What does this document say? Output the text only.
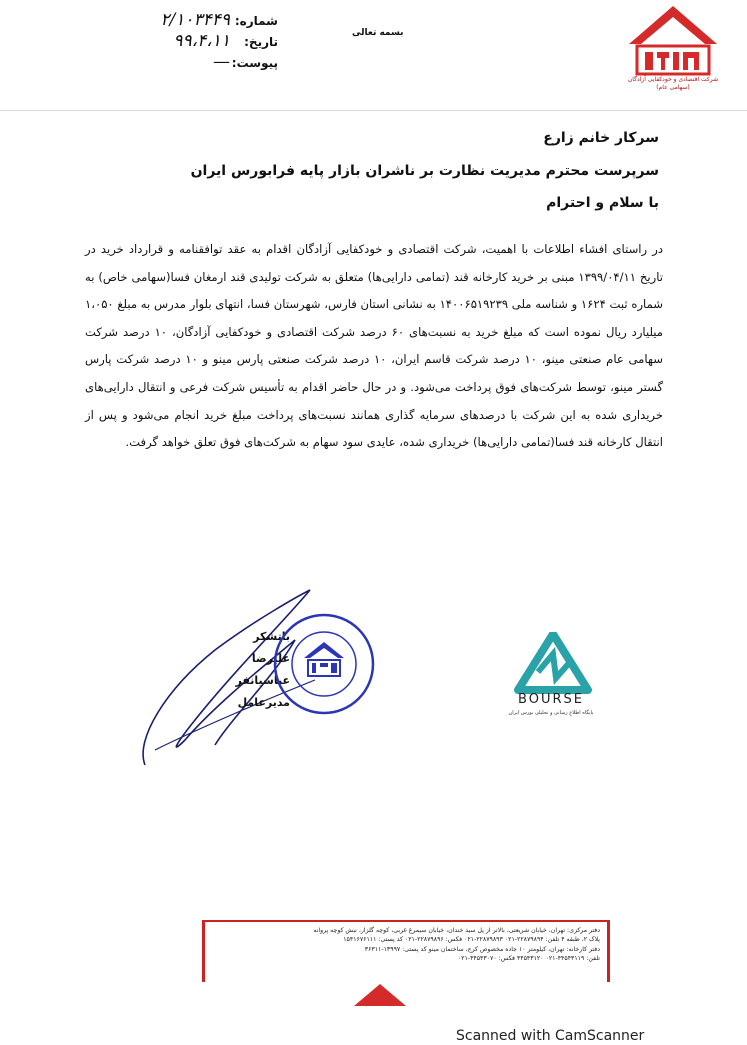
شرکت اقتصادی و خودکفایی آزادگان (سهامی عام)
بسمه تعالی
شماره:
۲/۱۰۳۴۴۹
تاریخ:
۹۹،۴،۱۱
پیوست:
—
سرکار خانم زارع
سرپرست محترم مدیریت نظارت بر ناشران بازار پایه فرابورس ایران
با سلام و احترام
در راستای افشاء اطلاعات با اهمیت، شرکت اقتصادی و خودکفایی آزادگان اقدام به عقد توافقنامه و قرارداد خرید در تاریخ ۱۳۹۹/۰۴/۱۱ مبنی بر خرید کارخانه قند (تمامی دارایی‌ها) متعلق به شرکت تولیدی قند ارمغان فسا(سهامی خاص) به شماره ثبت ۱۶۲۴ و شناسه ملی ۱۴۰۰۶۵۱۹۲۳۹ به نشانی استان فارس، شهرستان فسا، انتهای بلوار مدرس به مبلغ ۱،۰۵۰ میلیارد ریال نموده است که مبلغ خرید به نسبت‌های ۶۰ درصد شرکت اقتصادی و خودکفایی آزادگان، ۱۰ درصد شرکت سهامی عام صنعتی مینو، ۱۰ درصد شرکت قاسم ایران، ۱۰ درصد شرکت صنعتی پارس مینو و ۱۰ درصد شرکت پارس گستر مینو، توسط شرکت‌های فوق پرداخت می‌شود. و در حال حاضر اقدام به تأسیس شرکت فرعی و انتقال دارایی‌های خریداری شده به این شرکت با درصدهای سرمایه گذاری همانند نسبت‌های پرداخت مبلغ خرید انجام می‌شود و پس از انتقال کارخانه قند فسا(تمامی دارایی‌ها) خریداری شده، عایدی سود سهام به شرکت‌های فوق تعلق خواهد گرفت.
باتشکر
علیرضا عباسیانفر
مدیرعامل	BOURSE
پایگاه اطلاع رسانی و تحلیلی بورس ایران
دفتر مرکزی: تهران، خیابان شریعتی، بالاتر از پل سید خندان، خیابان سیمرغ غربی، کوچه گلزار، نبش کوچه پروانه
پلاک ۲، طبقه ۴ تلفن: ۲۲۸۷۹۸۹۴-۰۲۱ ۲۲۸۷۹۸۹۳-۰۲۱ فکس: ۲۲۸۷۹۸۹۶-۰۲۱ کد پستی: ۱۵۴۱۶۷۶۱۱۱
دفتر کارخانه: تهران، کیلومتر ۱۰ جاده مخصوص کرج، ساختمان مینو کد پستی: ۱۳۹۹۷-۳۶۳۱۱
تلفن: ۴۴۵۴۳۱۱۹-۰۲۱ ۴۴۵۴۳۱۲۰ فکس: ۴۴۵۴۳۰۷۰-۰۲۱
Scanned with CamScanner
